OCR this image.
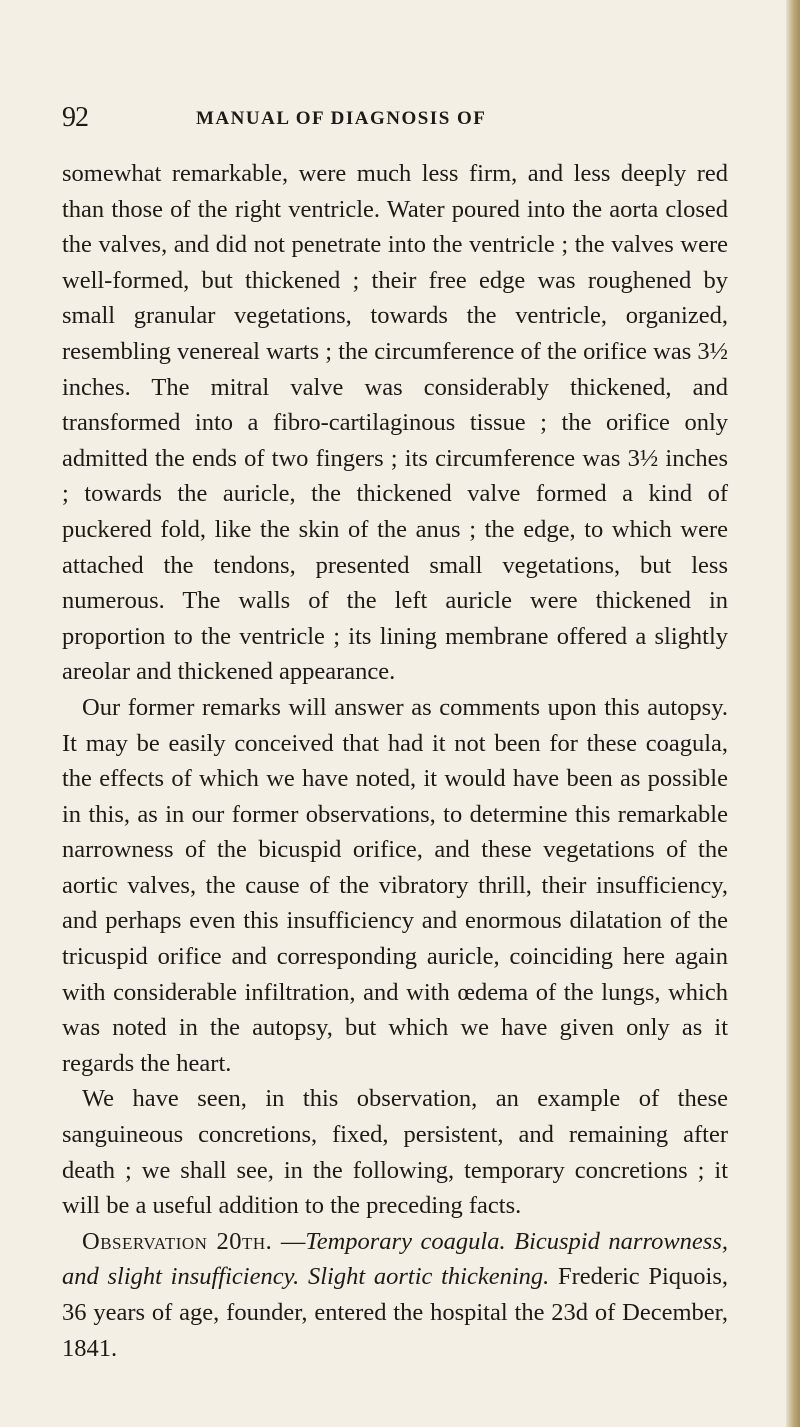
92	MANUAL OF DIAGNOSIS OF

somewhat remarkable, were much less firm, and less deeply red than those of the right ventricle. Water poured into the aorta closed the valves, and did not penetrate into the ventricle ; the valves were well-formed, but thickened ; their free edge was roughened by small granular vegetations, towards the ventricle, organized, resembling venereal warts ; the circumference of the orifice was 3½ inches. The mitral valve was considerably thickened, and transformed into a fibro-cartilaginous tissue ; the orifice only admitted the ends of two fingers ; its circumference was 3½ inches ; towards the auricle, the thickened valve formed a kind of puckered fold, like the skin of the anus ; the edge, to which were attached the tendons, presented small vegetations, but less numerous. The walls of the left auricle were thickened in proportion to the ventricle ; its lining membrane offered a slightly areolar and thickened appearance.

Our former remarks will answer as comments upon this autopsy. It may be easily conceived that had it not been for these coagula, the effects of which we have noted, it would have been as possible in this, as in our former observations, to determine this remarkable narrowness of the bicuspid orifice, and these vegetations of the aortic valves, the cause of the vibratory thrill, their insufficiency, and perhaps even this insufficiency and enormous dilatation of the tricuspid orifice and corresponding auricle, coinciding here again with considerable infiltration, and with œdema of the lungs, which was noted in the autopsy, but which we have given only as it regards the heart.

We have seen, in this observation, an example of these sanguineous concretions, fixed, persistent, and remaining after death ; we shall see, in the following, temporary concretions ; it will be a useful addition to the preceding facts.

Observation 20th. —Temporary coagula. Bicuspid narrowness, and slight insufficiency. Slight aortic thickening. Frederic Piquois, 36 years of age, founder, entered the hospital the 23d of December, 1841.
